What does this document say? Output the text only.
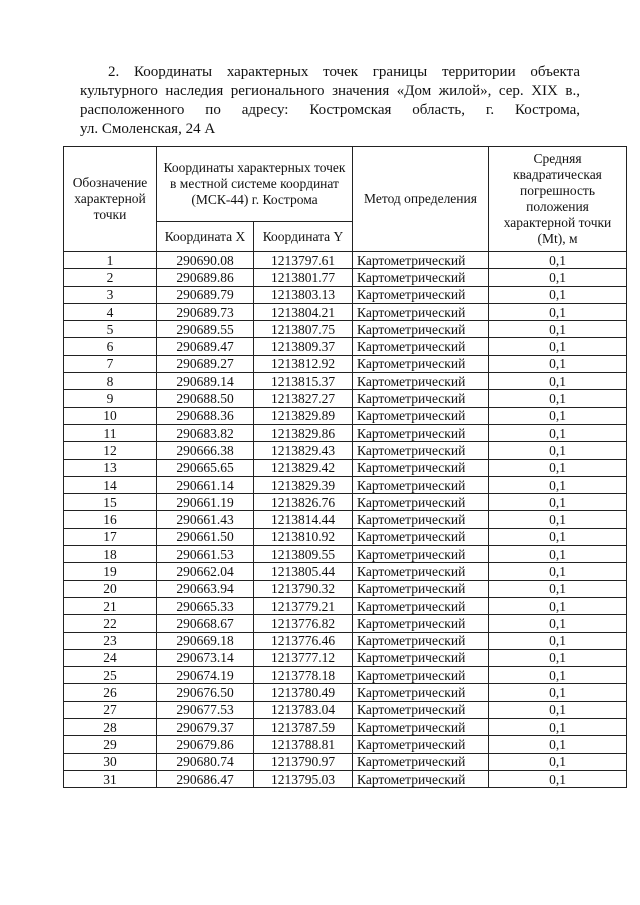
2. Координаты характерных точек границы территории объекта
культурного наследия регионального значения «Дом жилой», сер. XIX в.,
расположенного по адресу: Костромская область, г. Кострома,
ул. Смоленская, 24 А
Обозначение характерной точки	Координаты характерных точек в местной системе координат (МСК-44) г. Кострома		Метод определения	Средняя квадратическая погрешность положения характерной точки (Mt), м
	Координата X	Координата Y		
1	290690.08	1213797.61	Картометрический	0,1
2	290689.86	1213801.77	Картометрический	0,1
3	290689.79	1213803.13	Картометрический	0,1
4	290689.73	1213804.21	Картометрический	0,1
5	290689.55	1213807.75	Картометрический	0,1
6	290689.47	1213809.37	Картометрический	0,1
7	290689.27	1213812.92	Картометрический	0,1
8	290689.14	1213815.37	Картометрический	0,1
9	290688.50	1213827.27	Картометрический	0,1
10	290688.36	1213829.89	Картометрический	0,1
11	290683.82	1213829.86	Картометрический	0,1
12	290666.38	1213829.43	Картометрический	0,1
13	290665.65	1213829.42	Картометрический	0,1
14	290661.14	1213829.39	Картометрический	0,1
15	290661.19	1213826.76	Картометрический	0,1
16	290661.43	1213814.44	Картометрический	0,1
17	290661.50	1213810.92	Картометрический	0,1
18	290661.53	1213809.55	Картометрический	0,1
19	290662.04	1213805.44	Картометрический	0,1
20	290663.94	1213790.32	Картометрический	0,1
21	290665.33	1213779.21	Картометрический	0,1
22	290668.67	1213776.82	Картометрический	0,1
23	290669.18	1213776.46	Картометрический	0,1
24	290673.14	1213777.12	Картометрический	0,1
25	290674.19	1213778.18	Картометрический	0,1
26	290676.50	1213780.49	Картометрический	0,1
27	290677.53	1213783.04	Картометрический	0,1
28	290679.37	1213787.59	Картометрический	0,1
29	290679.86	1213788.81	Картометрический	0,1
30	290680.74	1213790.97	Картометрический	0,1
31	290686.47	1213795.03	Картометрический	0,1
